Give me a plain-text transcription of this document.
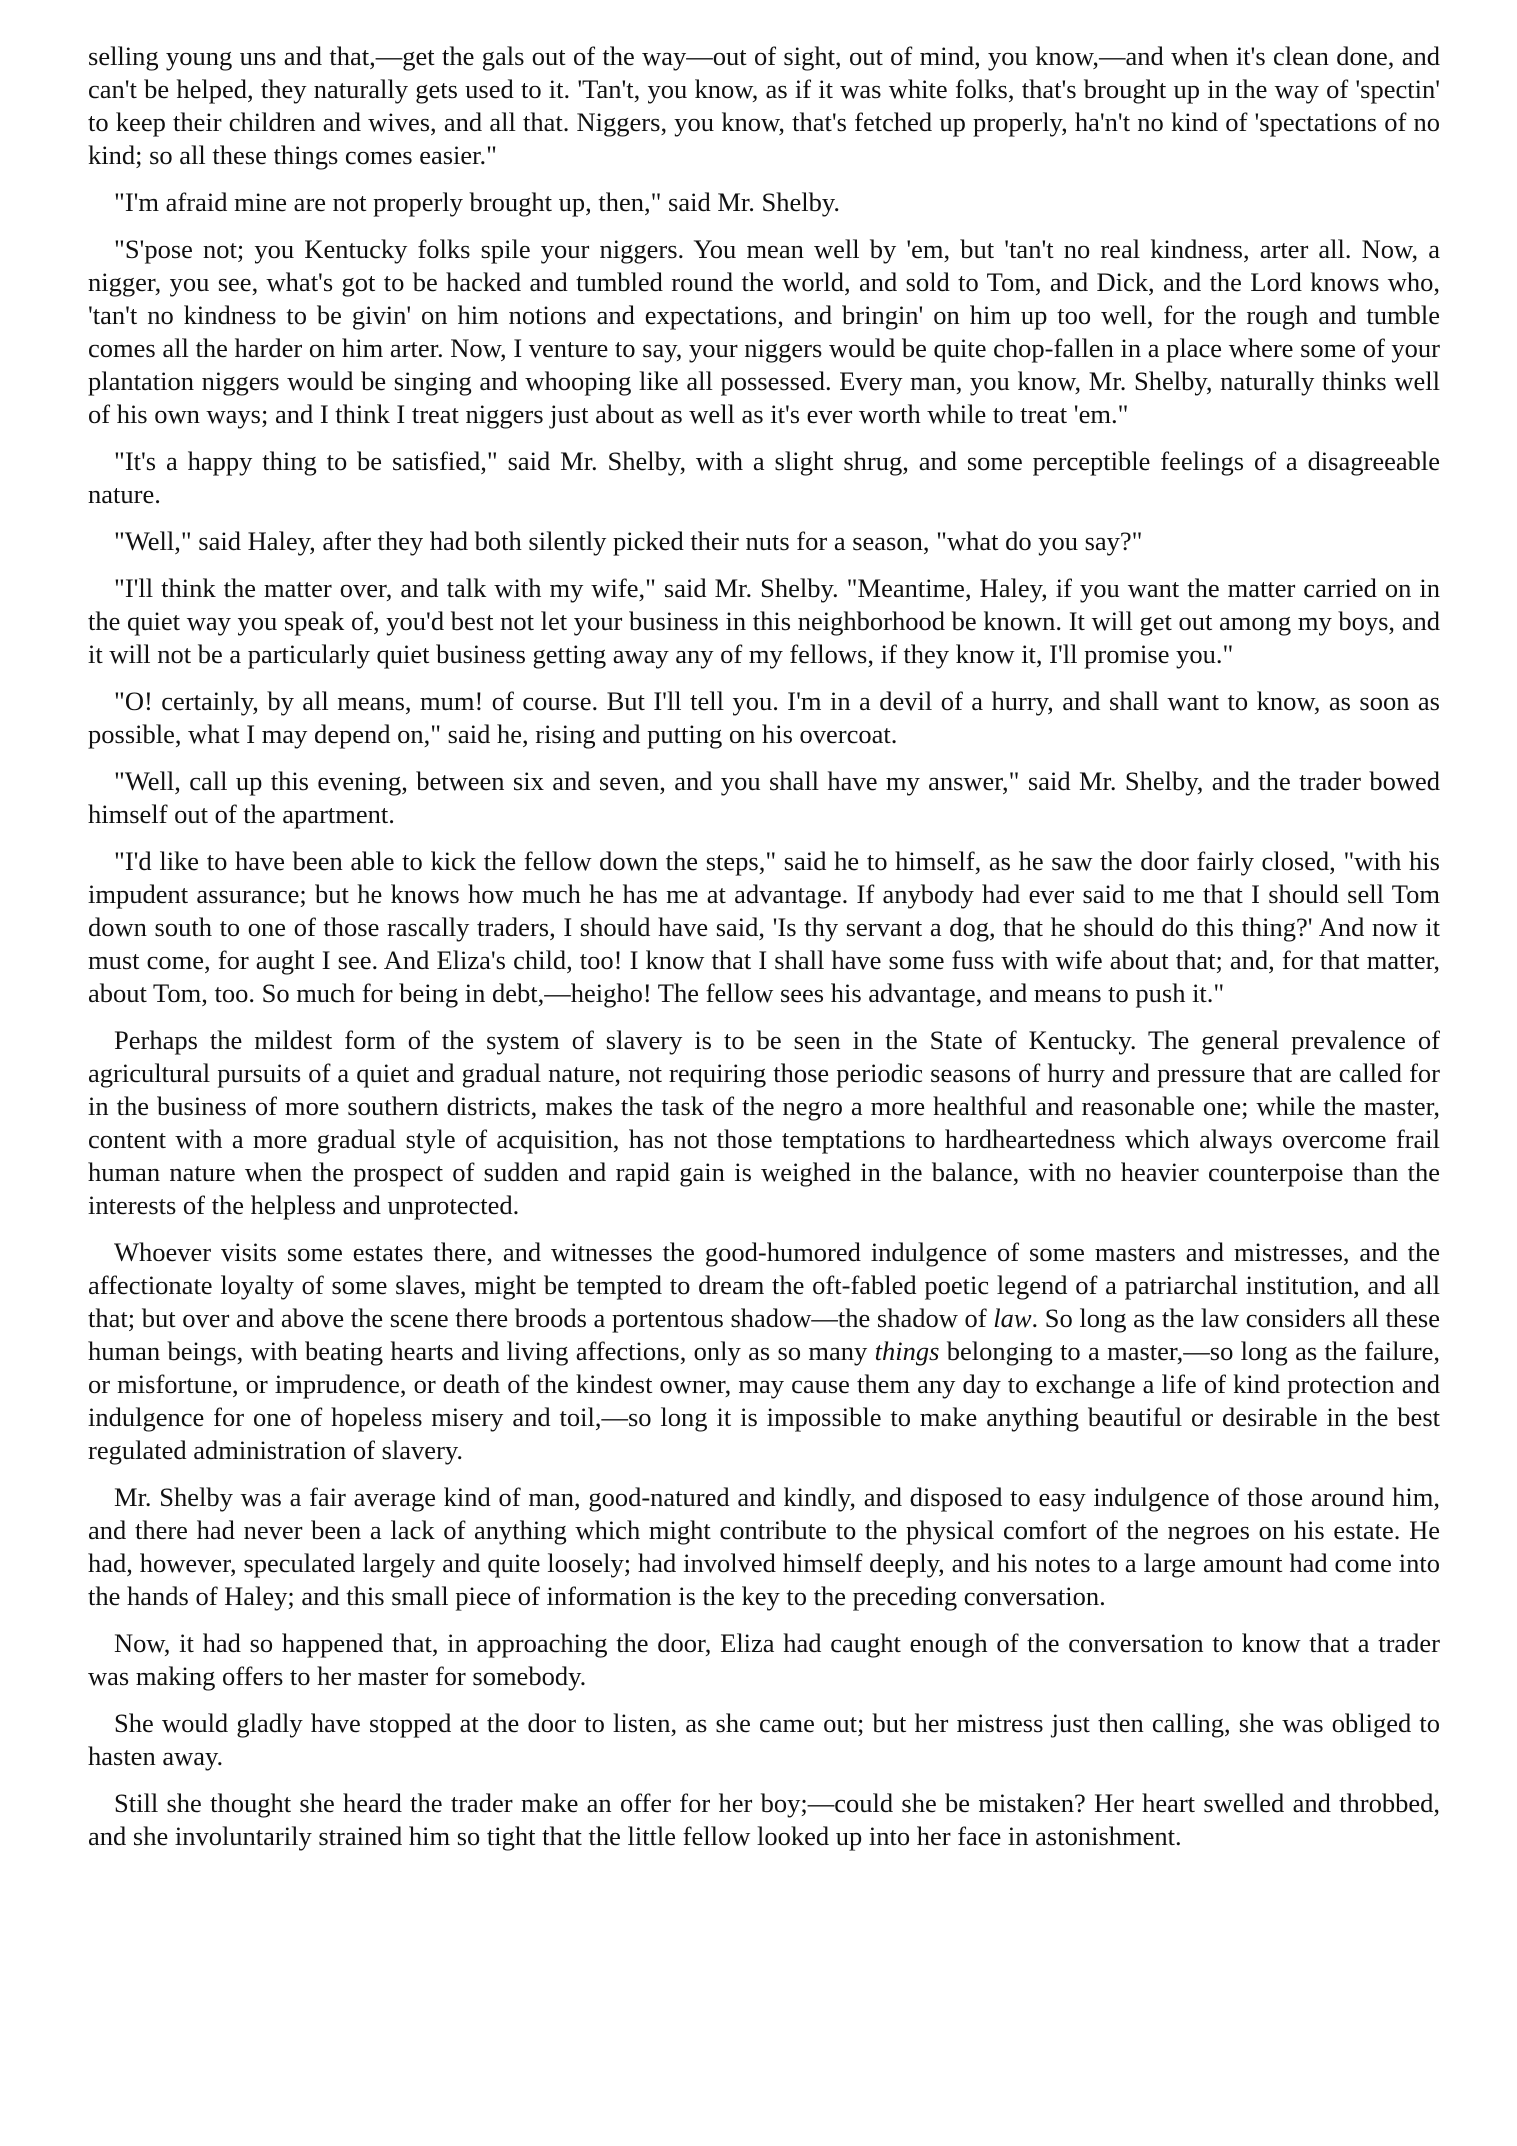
selling young uns and that,—get the gals out of the way—out of sight, out of mind, you know,—and when it's clean done, and can't be helped, they naturally gets used to it. 'Tan't, you know, as if it was white folks, that's brought up in the way of 'spectin' to keep their children and wives, and all that. Niggers, you know, that's fetched up properly, ha'n't no kind of 'spectations of no kind; so all these things comes easier."

"I'm afraid mine are not properly brought up, then," said Mr. Shelby.

"S'pose not; you Kentucky folks spile your niggers. You mean well by 'em, but 'tan't no real kindness, arter all. Now, a nigger, you see, what's got to be hacked and tumbled round the world, and sold to Tom, and Dick, and the Lord knows who, 'tan't no kindness to be givin' on him notions and expectations, and bringin' on him up too well, for the rough and tumble comes all the harder on him arter. Now, I venture to say, your niggers would be quite chop-fallen in a place where some of your plantation niggers would be singing and whooping like all possessed. Every man, you know, Mr. Shelby, naturally thinks well of his own ways; and I think I treat niggers just about as well as it's ever worth while to treat 'em."

"It's a happy thing to be satisfied," said Mr. Shelby, with a slight shrug, and some perceptible feelings of a disagreeable nature.

"Well," said Haley, after they had both silently picked their nuts for a season, "what do you say?"

"I'll think the matter over, and talk with my wife," said Mr. Shelby. "Meantime, Haley, if you want the matter carried on in the quiet way you speak of, you'd best not let your business in this neighborhood be known. It will get out among my boys, and it will not be a particularly quiet business getting away any of my fellows, if they know it, I'll promise you."

"O! certainly, by all means, mum! of course. But I'll tell you. I'm in a devil of a hurry, and shall want to know, as soon as possible, what I may depend on," said he, rising and putting on his overcoat.

"Well, call up this evening, between six and seven, and you shall have my answer," said Mr. Shelby, and the trader bowed himself out of the apartment.

"I'd like to have been able to kick the fellow down the steps," said he to himself, as he saw the door fairly closed, "with his impudent assurance; but he knows how much he has me at advantage. If anybody had ever said to me that I should sell Tom down south to one of those rascally traders, I should have said, 'Is thy servant a dog, that he should do this thing?' And now it must come, for aught I see. And Eliza's child, too! I know that I shall have some fuss with wife about that; and, for that matter, about Tom, too. So much for being in debt,—heigho! The fellow sees his advantage, and means to push it."

Perhaps the mildest form of the system of slavery is to be seen in the State of Kentucky. The general prevalence of agricultural pursuits of a quiet and gradual nature, not requiring those periodic seasons of hurry and pressure that are called for in the business of more southern districts, makes the task of the negro a more healthful and reasonable one; while the master, content with a more gradual style of acquisition, has not those temptations to hardheartedness which always overcome frail human nature when the prospect of sudden and rapid gain is weighed in the balance, with no heavier counterpoise than the interests of the helpless and unprotected.

Whoever visits some estates there, and witnesses the good-humored indulgence of some masters and mistresses, and the affectionate loyalty of some slaves, might be tempted to dream the oft-fabled poetic legend of a patriarchal institution, and all that; but over and above the scene there broods a portentous shadow—the shadow of law. So long as the law considers all these human beings, with beating hearts and living affections, only as so many things belonging to a master,—so long as the failure, or misfortune, or imprudence, or death of the kindest owner, may cause them any day to exchange a life of kind protection and indulgence for one of hopeless misery and toil,—so long it is impossible to make anything beautiful or desirable in the best regulated administration of slavery.

Mr. Shelby was a fair average kind of man, good-natured and kindly, and disposed to easy indulgence of those around him, and there had never been a lack of anything which might contribute to the physical comfort of the negroes on his estate. He had, however, speculated largely and quite loosely; had involved himself deeply, and his notes to a large amount had come into the hands of Haley; and this small piece of information is the key to the preceding conversation.

Now, it had so happened that, in approaching the door, Eliza had caught enough of the conversation to know that a trader was making offers to her master for somebody.

She would gladly have stopped at the door to listen, as she came out; but her mistress just then calling, she was obliged to hasten away.

Still she thought she heard the trader make an offer for her boy;—could she be mistaken? Her heart swelled and throbbed, and she involuntarily strained him so tight that the little fellow looked up into her face in astonishment.
